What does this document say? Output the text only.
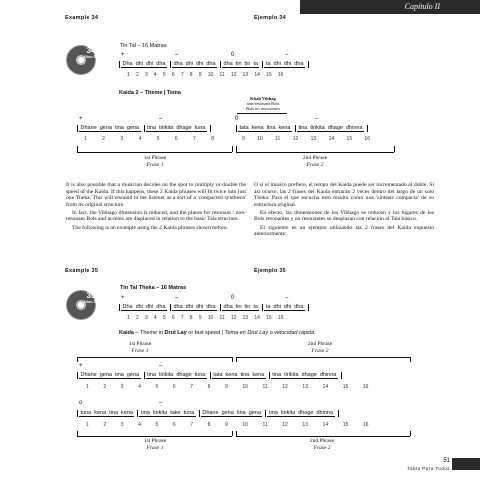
Capítulo II
Example 34	Ejemplo 34
Track
34
Disc 01
Tin Tal – 16 Matras
+	–	0	–
Dha dhi dhi dha dha dhi dhi dha dha tin tin ta ta dhi dhi dha
1 2 3 4 5 6 7 8 9 10 11 12 13 14 15 16
Kaida 2 – Theme | Tema
Khali Vibhag
non-resonant Bols
Bols no resonantes
+	–	0	–
Dhane gena tina gena tina tirikita dhage tuna	tata kena tina kena tina tirikita dhage dhinna
1 2 3 4 5 6 7 8	9 10 11 12 13 14 15 16
1st Phrase
Frase 1
2nd Phrase
Frase 2

It is also possible that a musician decides on the spot to multiply or double the speed of the Kaida. If this happens, these 2 Kaida phrases will fit twice into just one Theka. This will resound to the listener as a sort of a 'compacted synthesis' from its original structure.

In fact, the Vibhago dimension is reduced, and the places for resonant / non-resonant Bols and accents are displaced in relation to the basic Tala structure.

The following is an example using the 2 Kaida phrases shown before.

O si el músico prefiere, el tempo del Kaida puede ser incrementado al doble. Si así ocurre, las 2 frases del Kaida entrarán 2 veces dentro del largo de un solo Theka. Para el que escucha esto resulta como una 'síntesis compacta' de su estructura original.

En efecto, las dimensiones de los Vibhago se reducen y los lugares de los Bols resonantes y no resonantes se desplazan con relación al Tala básico.

El siguiente es un ejemplo utilizando las 2 frases del Kaida expuesto anteriormente:

Example 35	Ejemplo 35
Track
35
Disc 01
Tin Tal Theka – 16 Matras
+	–	0	–
Dha dhi dhi dha dha dhi dhi dha dha tin tin ta ta dhi dhi dha
1 2 3 4 5 6 7 8 9 10 11 12 13 14 15 16
Kaida – Theme in Drut Lay or fast speed | Tema en Drut Lay o velocidad rápida
1st Phrase
Frase 1
2nd Phrase
Frase 2
+	–
Dhane gena tina gena tina tirikita dhage tuna tata kena tina kena tina tirikita dhage dhinna
1 2 3 4 5 6 7 8 9 10 11 12 13 14 15 16
o	–
tuna kena tina kena tina tirikita take tuna Dhane gena tina gena tina tirikita dhage dhinna
1 2 3 4 5 6 7 8 9 10 11 12 13 14 15 16
1st Phrase
Frase 1
2nd Phrase
Frase 2
51
Tabla Para Todos
